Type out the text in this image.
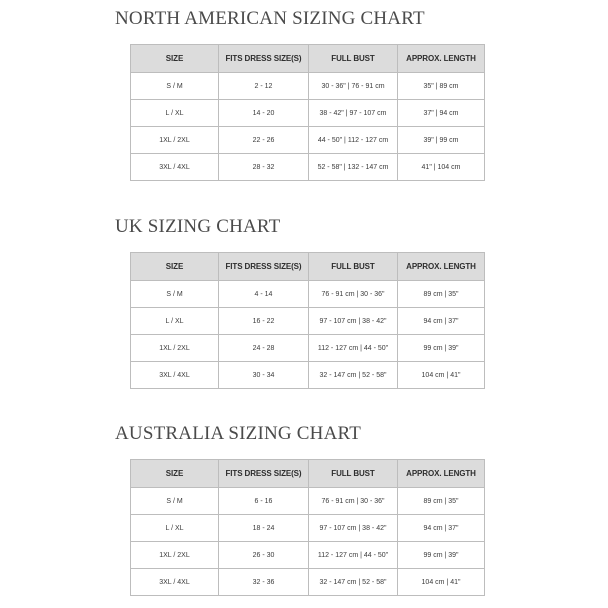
NORTH AMERICAN SIZING CHART
SIZE	FITS DRESS SIZE(S)	FULL BUST	APPROX. LENGTH
S / M	2 - 12	30 - 36" | 76 - 91 cm	35" | 89 cm
L / XL	14 - 20	38 - 42" | 97 - 107 cm	37" | 94 cm
1XL / 2XL	22 - 26	44 - 50" | 112 - 127 cm	39" | 99 cm
3XL / 4XL	28 - 32	52 - 58" | 132 - 147 cm	41" | 104 cm
UK SIZING CHART
SIZE	FITS DRESS SIZE(S)	FULL BUST	APPROX. LENGTH
S / M	4 - 14	76 - 91 cm | 30 - 36"	89 cm | 35"
L / XL	16 - 22	97 - 107 cm | 38 - 42"	94 cm | 37"
1XL / 2XL	24 - 28	112 - 127 cm | 44 - 50"	99 cm | 39"
3XL / 4XL	30 - 34	32 - 147 cm | 52 - 58"	104 cm | 41"
AUSTRALIA SIZING CHART
SIZE	FITS DRESS SIZE(S)	FULL BUST	APPROX. LENGTH
S / M	6 - 16	76 - 91 cm | 30 - 36"	89 cm | 35"
L / XL	18 - 24	97 - 107 cm | 38 - 42"	94 cm | 37"
1XL / 2XL	26 - 30	112 - 127 cm | 44 - 50"	99 cm | 39"
3XL / 4XL	32 - 36	32 - 147 cm | 52 - 58"	104 cm | 41"
